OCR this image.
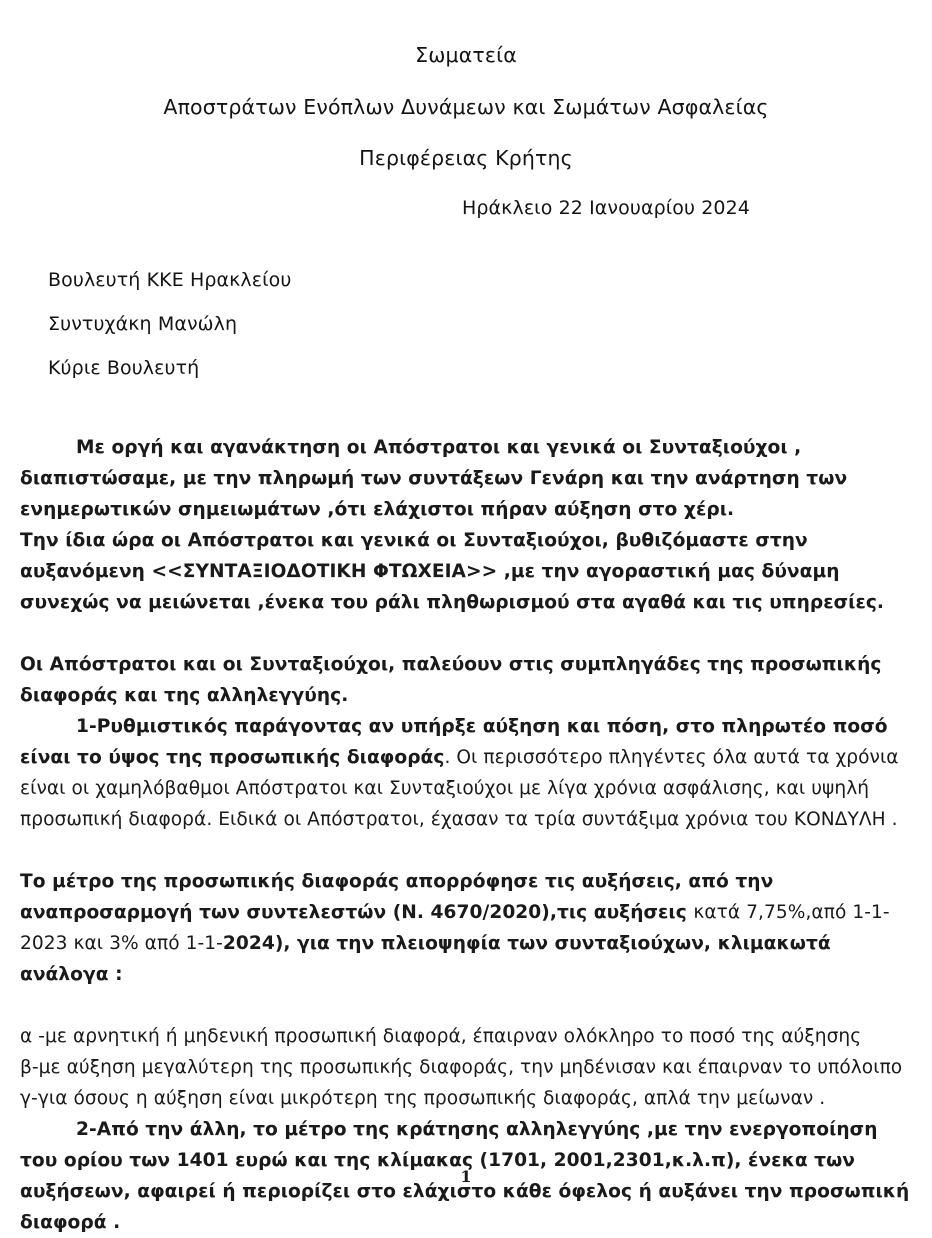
Σωματεία
Αποστράτων Ενόπλων Δυνάμεων και Σωμάτων Ασφαλείας
Περιφέρειας Κρήτης
Ηράκλειο 22 Ιανουαρίου 2024
Βουλευτή ΚΚΕ Ηρακλείου
Συντυχάκη Μανώλη
Κύριε Βουλευτή

Με οργή και αγανάκτηση οι Απόστρατοι και γενικά οι Συνταξιούχοι , διαπιστώσαμε, με την πληρωμή των συντάξεων Γενάρη και την ανάρτηση των ενημερωτικών σημειωμάτων ,ότι ελάχιστοι πήραν αύξηση στο χέρι.

Την ίδια ώρα οι Απόστρατοι και γενικά οι Συνταξιούχοι, βυθιζόμαστε στην αυξανόμενη <<ΣΥΝΤΑΞΙΟΔΟΤΙΚΗ ΦΤΩΧΕΙΑ>> ,με την αγοραστική μας δύναμη συνεχώς να μειώνεται ,ένεκα του ράλι πληθωρισμού στα αγαθά και τις υπηρεσίες.

Οι Απόστρατοι και οι Συνταξιούχοι, παλεύουν στις συμπληγάδες της προσωπικής διαφοράς και της αλληλεγγύης.

1-Ρυθμιστικός παράγοντας αν υπήρξε αύξηση και πόση, στο πληρωτέο ποσό είναι το ύψος της προσωπικής διαφοράς. Οι περισσότερο πληγέντες όλα αυτά τα χρόνια είναι οι χαμηλόβαθμοι Απόστρατοι και Συνταξιούχοι με λίγα χρόνια ασφάλισης, και υψηλή προσωπική διαφορά. Ειδικά οι Απόστρατοι, έχασαν τα τρία συντάξιμα χρόνια του ΚΟΝΔΥΛΗ .

Το μέτρο της προσωπικής διαφοράς απορρόφησε τις αυξήσεις, από την αναπροσαρμογή των συντελεστών (Ν. 4670/2020),τις αυξήσεις κατά 7,75%,από 1-1-2023 και 3% από 1-1-2024), για την πλειοψηφία των συνταξιούχων, κλιμακωτά ανάλογα :

α -με αρνητική ή μηδενική προσωπική διαφορά, έπαιρναν ολόκληρο το ποσό της αύξησης

β-με αύξηση μεγαλύτερη της προσωπικής διαφοράς, την μηδένισαν και έπαιρναν το υπόλοιπο

γ-για όσους η αύξηση είναι μικρότερη της προσωπικής διαφοράς, απλά την μείωναν .

2-Από την άλλη, το μέτρο της κράτησης αλληλεγγύης ,με την ενεργοποίηση του ορίου των 1401 ευρώ και της κλίμακας (1701, 2001,2301,κ.λ.π), ένεκα των αυξήσεων, αφαιρεί ή περιορίζει στο ελάχιστο κάθε όφελος ή αυξάνει την προσωπική διαφορά .

1
